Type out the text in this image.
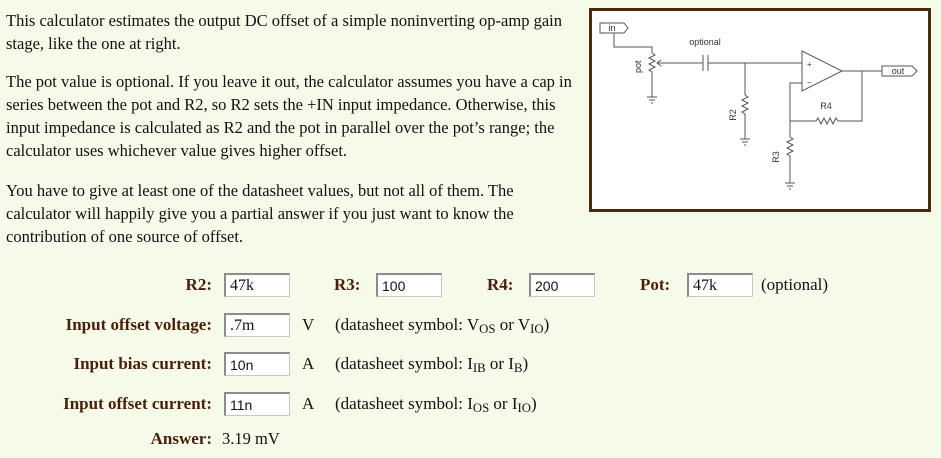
This calculator estimates the output DC offset of a simple noninverting op-amp gain stage, like the one at right.

The pot value is optional. If you leave it out, the calculator assumes you have a cap in series between the pot and R2, so R2 sets the +IN input impedance. Otherwise, this input impedance is calculated as R2 and the pot in parallel over the pot’s range; the calculator uses whichever value gives higher offset.

You have to give at least one of the datasheet values, but not all of them. The calculator will happily give you a partial answer if you just want to know the contribution of one source of offset.

in
pot
optional
R2
+
−
out
R4
R3
R2:
47k	R3:
100	R4:
200	Pot:
47k	(optional)
Input offset voltage:
.7m	V (datasheet symbol: $V_{OS}$ or $V_{IO}$)
Input bias current:
10n	A (datasheet symbol: $I_{IB}$ or $I_B$)
Input offset current:
11n	A (datasheet symbol: $I_{OS}$ or $I_{IO}$)
Answer: 3.19 mV
